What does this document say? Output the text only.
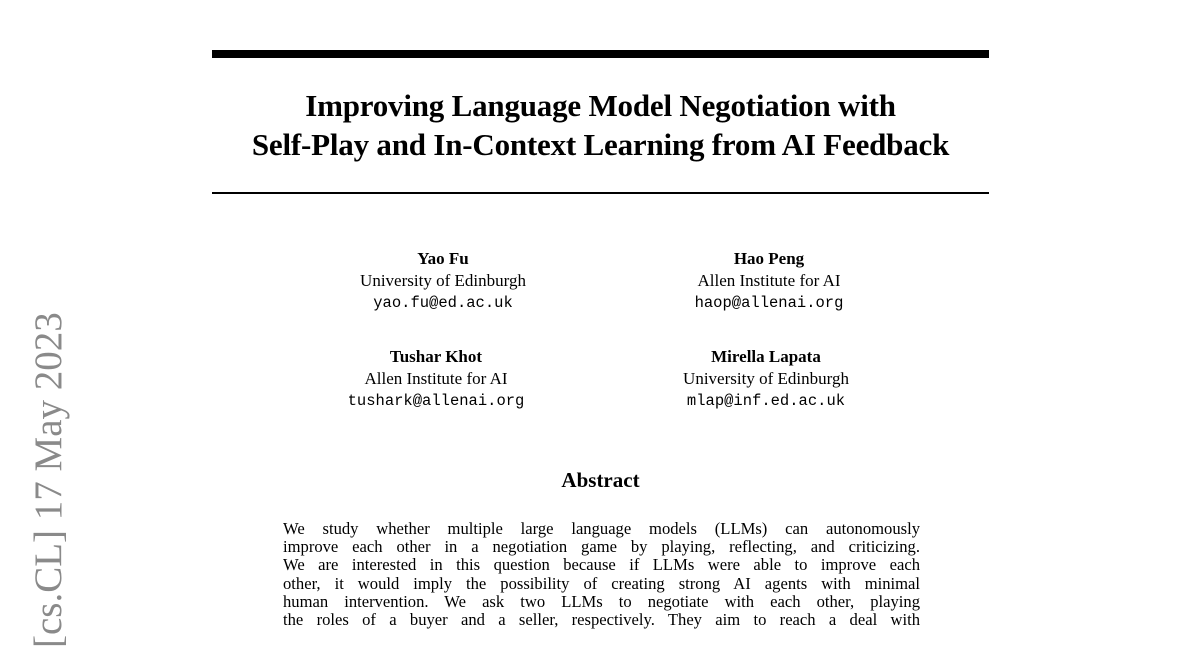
Improving Language Model Negotiation with
Self-Play and In-Context Learning from AI Feedback
Yao Fu
University of Edinburgh
yao.fu@ed.ac.uk
Hao Peng
Allen Institute for AI
haop@allenai.org
Tushar Khot
Allen Institute for AI
tushark@allenai.org
Mirella Lapata
University of Edinburgh
mlap@inf.ed.ac.uk
Abstract
We study whether multiple large language models (LLMs) can autonomously
improve each other in a negotiation game by playing, reflecting, and criticizing.
We are interested in this question because if LLMs were able to improve each
other, it would imply the possibility of creating strong AI agents with minimal
human intervention. We ask two LLMs to negotiate with each other, playing
the roles of a buyer and a seller, respectively. They aim to reach a deal with
[cs.CL] 17 May 2023
